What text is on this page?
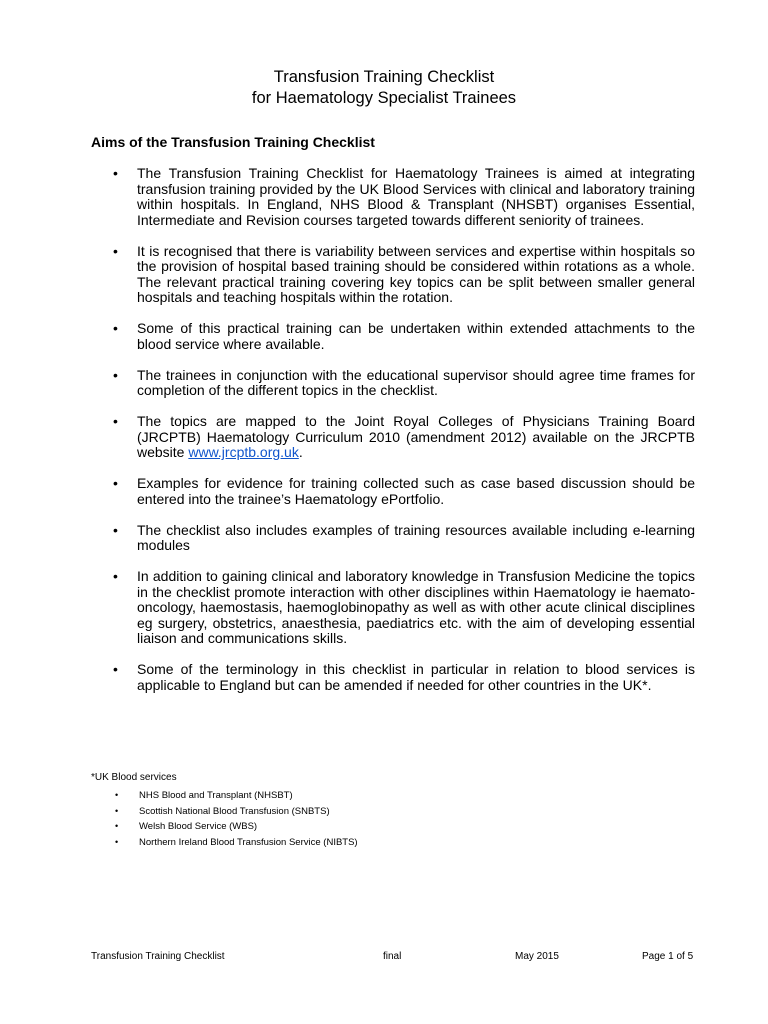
Transfusion Training Checklist
for Haematology Specialist Trainees
Aims of the Transfusion Training Checklist
• The Transfusion Training Checklist for Haematology Trainees is aimed at integrating transfusion training provided by the UK Blood Services with clinical and laboratory training within hospitals. In England, NHS Blood & Transplant (NHSBT) organises Essential, Intermediate and Revision courses targeted towards different seniority of trainees.
• It is recognised that there is variability between services and expertise within hospitals so the provision of hospital based training should be considered within rotations as a whole. The relevant practical training covering key topics can be split between smaller general hospitals and teaching hospitals within the rotation.
• Some of this practical training can be undertaken within extended attachments to the blood service where available.
• The trainees in conjunction with the educational supervisor should agree time frames for completion of the different topics in the checklist.
• The topics are mapped to the Joint Royal Colleges of Physicians Training Board (JRCPTB) Haematology Curriculum 2010 (amendment 2012) available on the JRCPTB website www.jrcptb.org.uk.
• Examples for evidence for training collected such as case based discussion should be entered into the trainee’s Haematology ePortfolio.
• The checklist also includes examples of training resources available including e-learning modules
• In addition to gaining clinical and laboratory knowledge in Transfusion Medicine the topics in the checklist promote interaction with other disciplines within Haematology ie haemato-oncology, haemostasis, haemoglobinopathy as well as with other acute clinical disciplines eg surgery, obstetrics, anaesthesia, paediatrics etc. with the aim of developing essential liaison and communications skills.
• Some of the terminology in this checklist in particular in relation to blood services is applicable to England but can be amended if needed for other countries in the UK*.
*UK Blood services
• NHS Blood and Transplant (NHSBT)
• Scottish National Blood Transfusion (SNBTS)
• Welsh Blood Service (WBS)
• Northern Ireland Blood Transfusion Service (NIBTS)
Transfusion Training Checklist	final	May 2015	Page 1 of 5
